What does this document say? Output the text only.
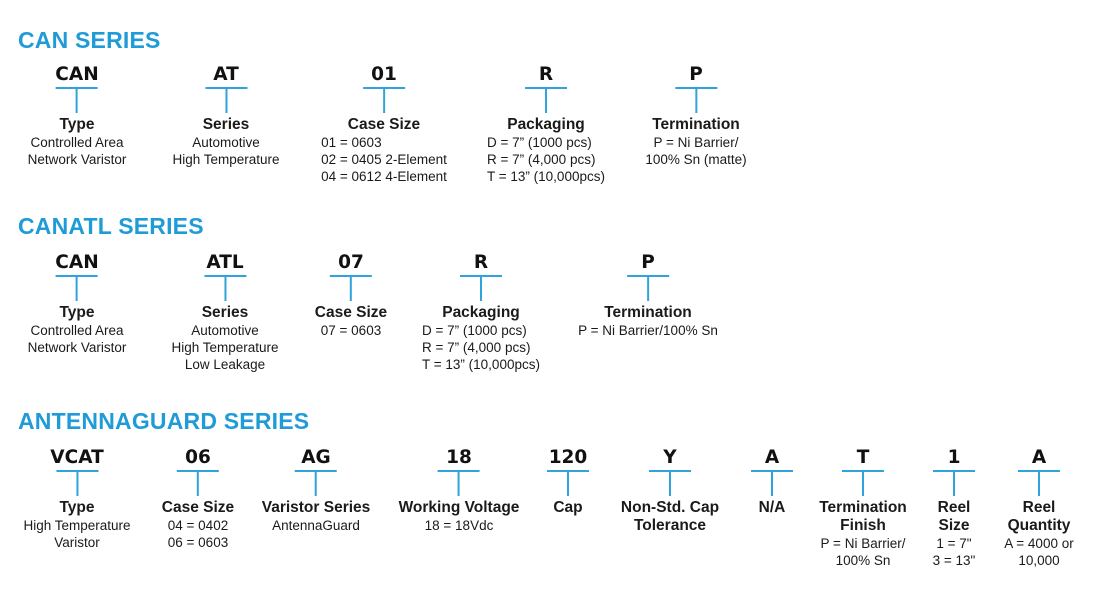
CAN SERIES
CAN
Type
Controlled Area
Network Varistor
AT
Series
Automotive
High Temperature
01
Case Size
01 = 0603
02 = 0405 2-Element
04 = 0612 4-Element
R
Packaging
D = 7” (1000 pcs)
R = 7” (4,000 pcs)
T = 13” (10,000pcs)
P
Termination
P = Ni Barrier/
100% Sn (matte)
CANATL SERIES
CAN
Type
Controlled Area
Network Varistor
ATL
Series
Automotive
High Temperature
Low Leakage
07
Case Size
07 = 0603
R
Packaging
D = 7” (1000 pcs)
R = 7” (4,000 pcs)
T = 13” (10,000pcs)
P
Termination
P = Ni Barrier/100% Sn
ANTENNAGUARD SERIES
VCAT
Type
High Temperature
Varistor
06
Case Size
04 = 0402
06 = 0603
AG
Varistor Series
AntennaGuard
18
Working Voltage
18 = 18Vdc
120
Cap
Y
Non-Std. Cap Tolerance
A
N/A
T
Termination Finish
P = Ni Barrier/
100% Sn
1
Reel Size
1 = 7"
3 = 13"
A
Reel Quantity
A = 4000 or
10,000
